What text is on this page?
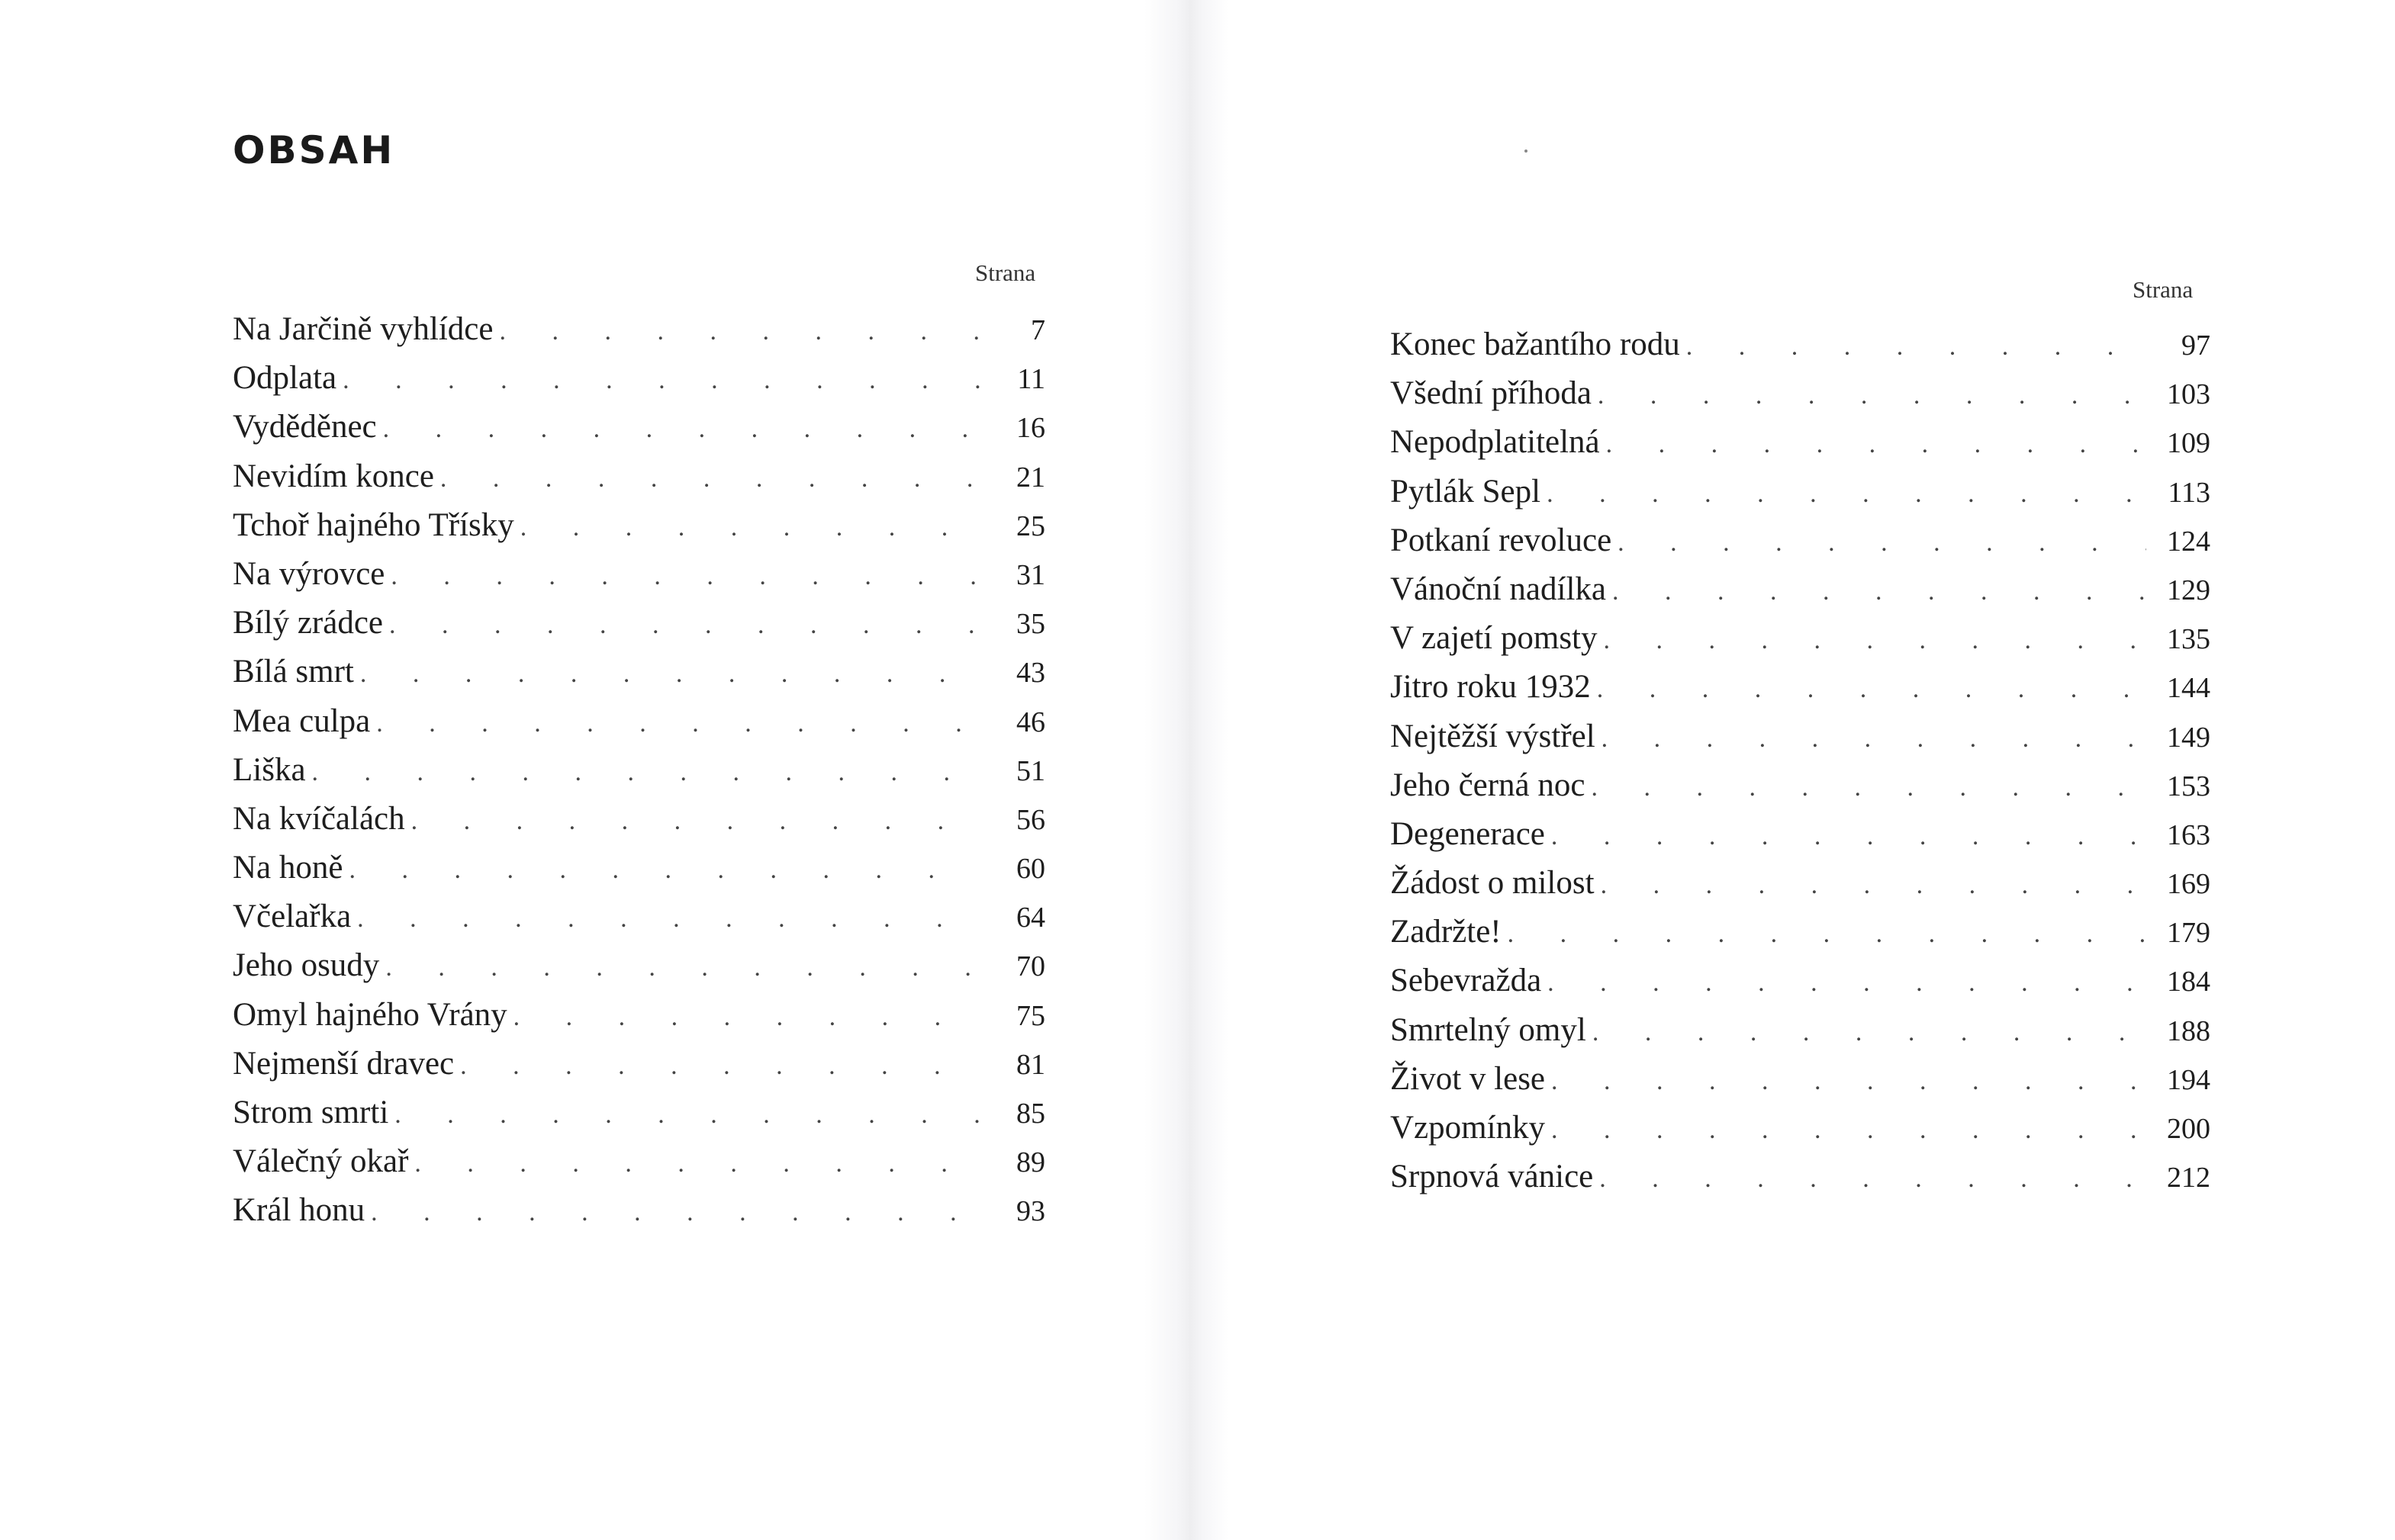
OBSAH
Strana
Na Jarčině vyhlídce . . .	7
Odplata . . .	11
Vyděděnec . . .	16
Nevidím konce . . .	21
Tchoř hajného Třísky . . .	25
Na výrovce . . .	31
Bílý zrádce . . .	35
Bílá smrt . . .	43
Mea culpa . . .	46
Liška . . .	51
Na kvíčalách . . .	56
Na honě . . .	60
Včelařka . . .	64
Jeho osudy . . .	70
Omyl hajného Vrány . . .	75
Nejmenší dravec . . .	81
Strom smrti . . .	85
Válečný okař . . .	89
Král honu . . .	93
Strana
Konec bažantího rodu . . .	97
Všední příhoda . . .	103
Nepodplatitelná . . .	109
Pytlák Sepl . . .	113
Potkaní revoluce . . .	124
Vánoční nadílka . . .	129
V zajetí pomsty . . .	135
Jitro roku 1932 . . .	144
Nejtěžší výstřel . . .	149
Jeho černá noc . . .	153
Degenerace . . .	163
Žádost o milost . . .	169
Zadržte! . . .	179
Sebevražda . . .	184
Smrtelný omyl . . .	188
Život v lese . . .	194
Vzpomínky . . .	200
Srpnová vánice . . .	212
